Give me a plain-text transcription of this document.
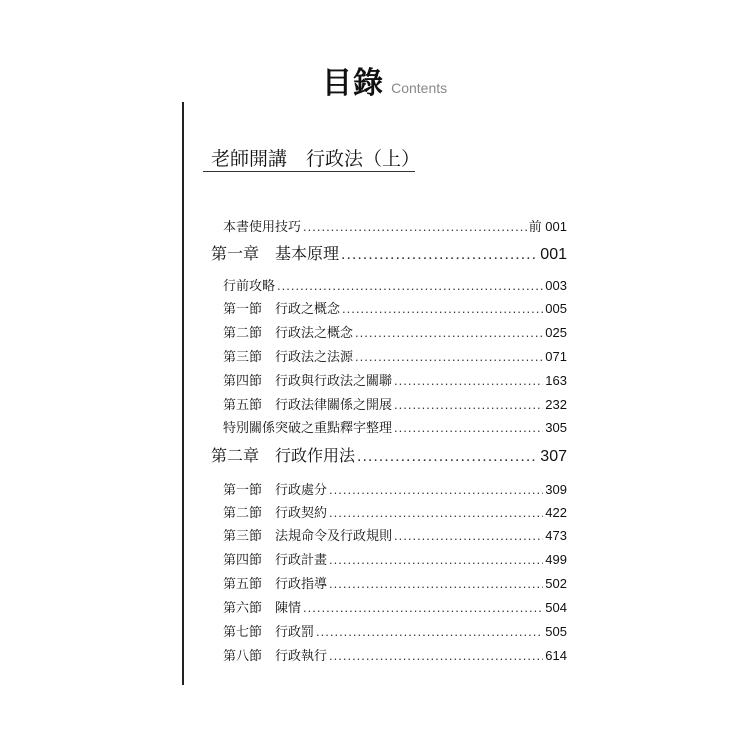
目錄 Contents
老師開講　行政法（上）
本書使用技巧 .....	前 001
第一章　基本原理 .....	001
行前攻略 .....	003
第一節　行政之概念 .....	005
第二節　行政法之概念 .....	025
第三節　行政法之法源 .....	071
第四節　行政與行政法之關聯 .....	163
第五節　行政法律關係之開展 .....	232
特別關係突破之重點釋字整理 .....	305
第二章　行政作用法 .....	307
第一節　行政處分 .....	309
第二節　行政契約 .....	422
第三節　法規命令及行政規則 .....	473
第四節　行政計畫 .....	499
第五節　行政指導 .....	502
第六節　陳情 .....	504
第七節　行政罰 .....	505
第八節　行政執行 .....	614
